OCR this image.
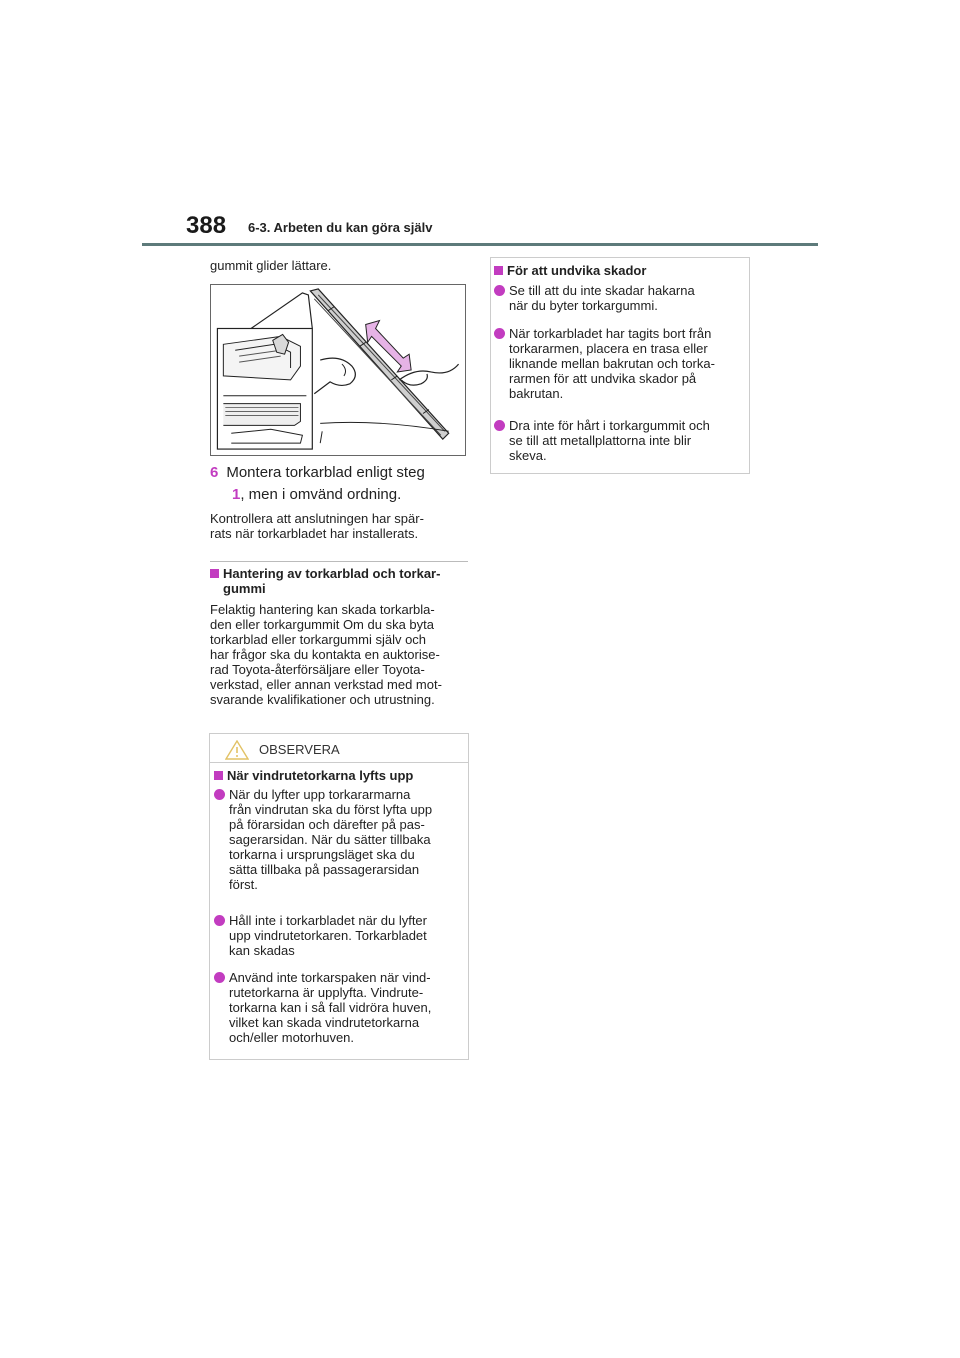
388 6-3. Arbeten du kan göra själv
gummit glider lättare.
6 Montera torkarblad enligt steg
1, men i omvänd ordning.
Kontrollera att anslutningen har spär-
rats när torkarbladet har installerats.
Hantering av torkarblad och torkar-
gummi
Felaktig hantering kan skada torkarbla-
den eller torkargummit Om du ska byta
torkarblad eller torkargummi själv och
har frågor ska du kontakta en auktorise-
rad Toyota-återförsäljare eller Toyota-
verkstad, eller annan verkstad med mot-
svarande kvalifikationer och utrustning.
OBSERVERA
När vindrutetorkarna lyfts upp
När du lyfter upp torkararmarna
från vindrutan ska du först lyfta upp
på förarsidan och därefter på pas-
sagerarsidan. När du sätter tillbaka
torkarna i ursprungsläget ska du
sätta tillbaka på passagerarsidan
först.
Håll inte i torkarbladet när du lyfter
upp vindrutetorkaren. Torkarbladet
kan skadas
Använd inte torkarspaken när vind-
rutetorkarna är upplyfta. Vindrute-
torkarna kan i så fall vidröra huven,
vilket kan skada vindrutetorkarna
och/eller motorhuven.
För att undvika skador
Se till att du inte skadar hakarna
när du byter torkargummi.
När torkarbladet har tagits bort från
torkararmen, placera en trasa eller
liknande mellan bakrutan och torka-
rarmen för att undvika skador på
bakrutan.
Dra inte för hårt i torkargummit och
se till att metallplattorna inte blir
skeva.
